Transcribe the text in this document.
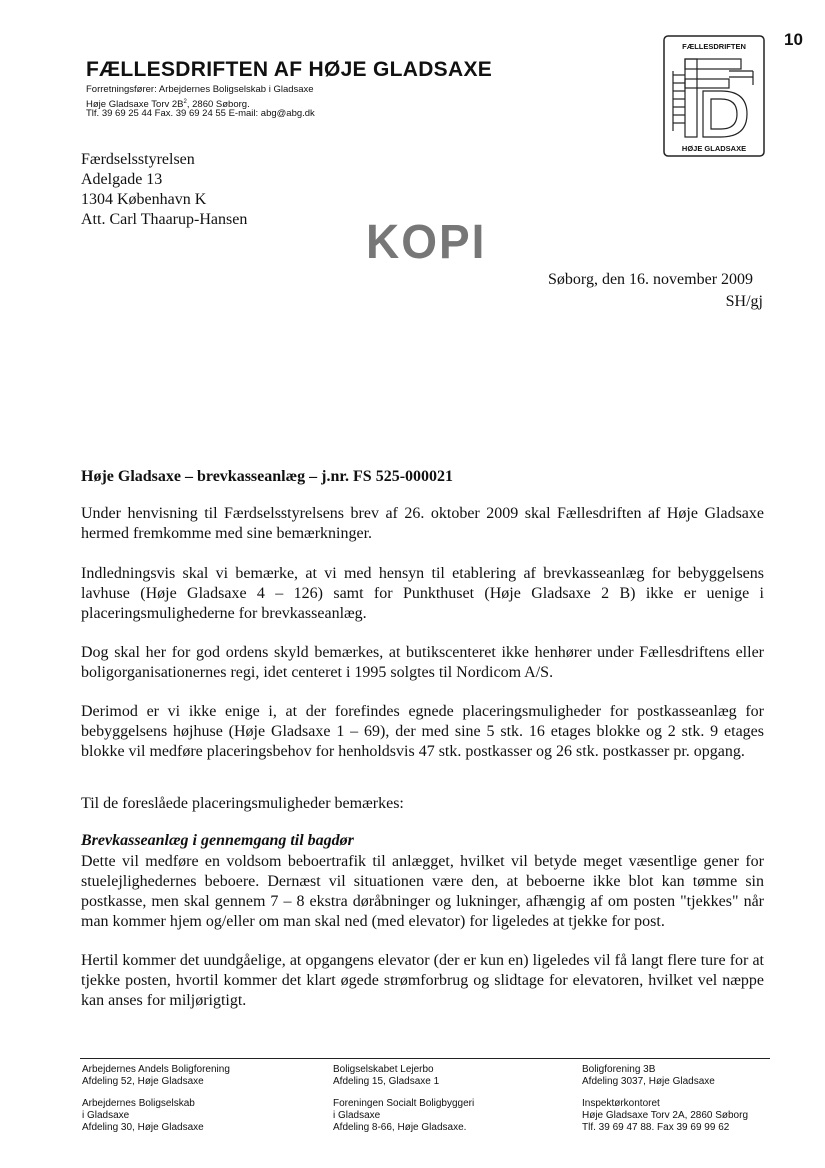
10
FÆLLESDRIFTEN AF HØJE GLADSAXE
Forretningsfører: Arbejdernes Boligselskab i Gladsaxe
Høje Gladsaxe Torv $2B^2$, 2860 Søborg.
Tlf. 39 69 25 44 Fax. 39 69 24 55 E-mail: abg@abg.dk
FÆLLESDRIFTEN
HØJE GLADSAXE
Færdselsstyrelsen
Adelgade 13
1304 København K
Att. Carl Thaarup-Hansen	KOPI
Søborg, den 16. november 2009
SH/gj
Høje Gladsaxe – brevkasseanlæg – j.nr. FS 525-000021
Under henvisning til Færdselsstyrelsens brev af 26. oktober 2009 skal Fællesdriften af Høje Gladsaxe hermed fremkomme med sine bemærkninger.
Indledningsvis skal vi bemærke, at vi med hensyn til etablering af brevkasseanlæg for bebyggelsens lavhuse (Høje Gladsaxe 4 – 126) samt for Punkthuset (Høje Gladsaxe 2 B) ikke er uenige i placeringsmulighederne for brevkasseanlæg.
Dog skal her for god ordens skyld bemærkes, at butikscenteret ikke henhører under Fællesdriftens eller boligorganisationernes regi, idet centeret i 1995 solgtes til Nordicom A/S.
Derimod er vi ikke enige i, at der forefindes egnede placeringsmuligheder for postkasseanlæg for bebyggelsens højhuse (Høje Gladsaxe 1 – 69), der med sine 5 stk. 16 etages blokke og 2 stk. 9 etages blokke vil medføre placeringsbehov for henholdsvis 47 stk. postkasser og 26 stk. postkasser pr. opgang.
Til de foreslåede placeringsmuligheder bemærkes:
Brevkasseanlæg i gennemgang til bagdør
Dette vil medføre en voldsom beboertrafik til anlægget, hvilket vil betyde meget væsentlige gener for stuelejlighedernes beboere. Dernæst vil situationen være den, at beboerne ikke blot kan tømme sin postkasse, men skal gennem 7 – 8 ekstra døråbninger og lukninger, afhængig af om posten "tjekkes" når man kommer hjem og/eller om man skal ned (med elevator) for ligeledes at tjekke for post.
Hertil kommer det uundgåelige, at opgangens elevator (der er kun en) ligeledes vil få langt flere ture for at tjekke posten, hvortil kommer det klart øgede strømforbrug og slidtage for elevatoren, hvilket vel næppe kan anses for miljørigtigt.
Arbejdernes Andels Boligforening
Afdeling 52, Høje Gladsaxe
Arbejdernes Boligselskab
i Gladsaxe
Afdeling 30, Høje Gladsaxe
Boligselskabet Lejerbo
Afdeling 15, Gladsaxe 1
Foreningen Socialt Boligbyggeri
i Gladsaxe
Afdeling 8-66, Høje Gladsaxe.
Boligforening 3B
Afdeling 3037, Høje Gladsaxe
Inspektørkontoret
Høje Gladsaxe Torv 2A, 2860 Søborg
Tlf. 39 69 47 88. Fax 39 69 99 62
